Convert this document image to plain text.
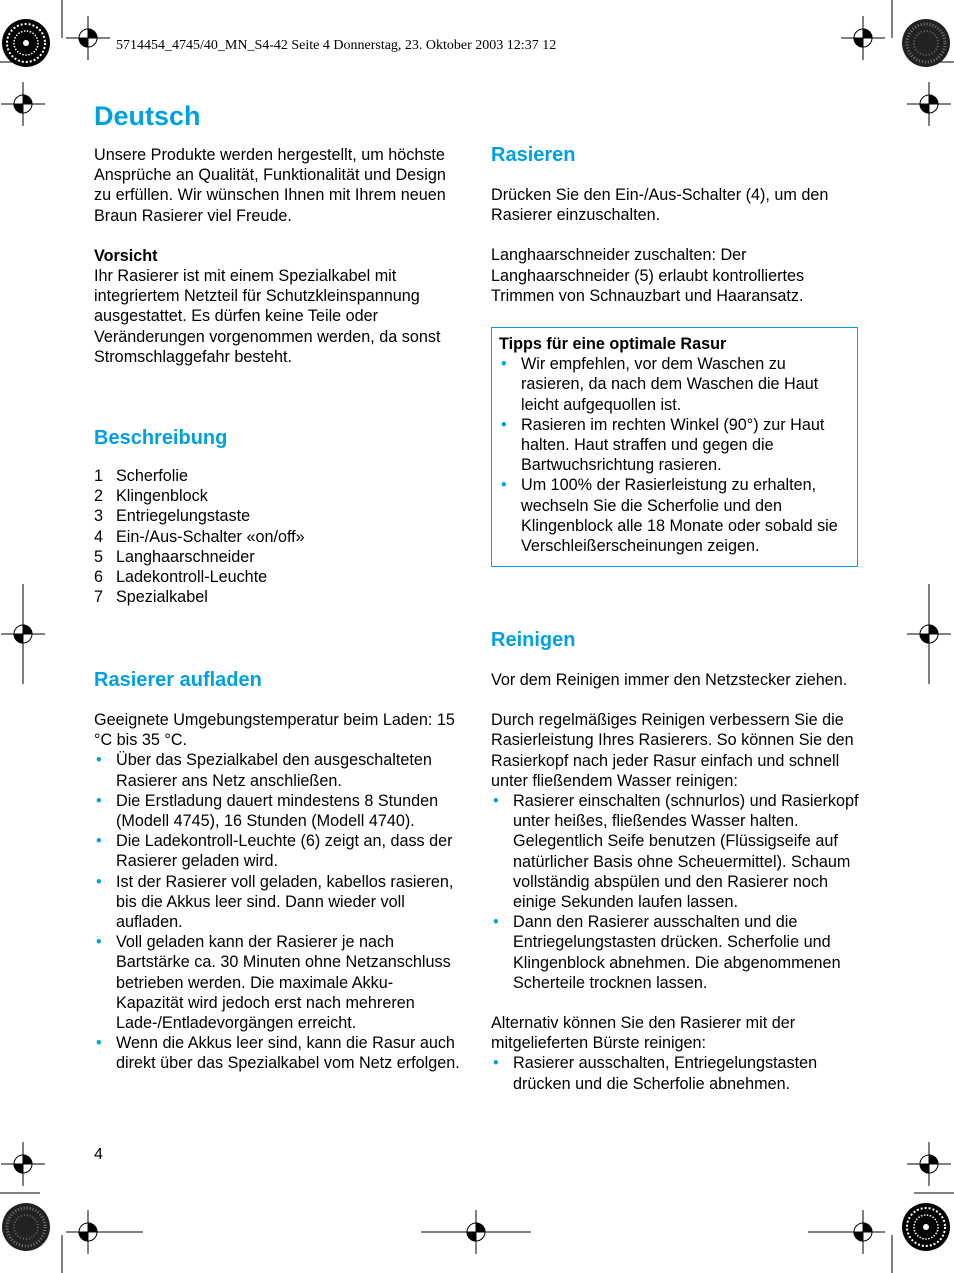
5714454_4745/40_MN_S4-42 Seite 4 Donnerstag, 23. Oktober 2003 12:37 12
Deutsch

Unsere Produkte werden hergestellt, um höchste Ansprüche an Qualität, Funktionalität und Design zu erfüllen. Wir wünschen Ihnen mit Ihrem neuen Braun Rasierer viel Freude.

Vorsicht

Ihr Rasierer ist mit einem Spezialkabel mit integriertem Netzteil für Schutzkleinspannung ausgestattet. Es dürfen keine Teile oder Veränderungen vorgenommen werden, da sonst Stromschlaggefahr besteht.

Beschreibung
1 Scherfolie
2 Klingenblock
3 Entriegelungstaste
4 Ein-/Aus-Schalter «on/off»
5 Langhaarschneider
6 Ladekontroll-Leuchte
7 Spezialkabel
Rasierer aufladen

Geeignete Umgebungstemperatur beim Laden: 15 °C bis 35 °C.

• Über das Spezialkabel den ausgeschalteten Rasierer ans Netz anschließen.
• Die Erstladung dauert mindestens 8 Stunden (Modell 4745), 16 Stunden (Modell 4740).
• Die Ladekontroll-Leuchte (6) zeigt an, dass der Rasierer geladen wird.
• Ist der Rasierer voll geladen, kabellos rasieren, bis die Akkus leer sind. Dann wieder voll aufladen.
• Voll geladen kann der Rasierer je nach Bartstärke ca. 30 Minuten ohne Netzanschluss betrieben werden. Die maximale Akku-Kapazität wird jedoch erst nach mehreren Lade-/Entladevorgängen erreicht.
• Wenn die Akkus leer sind, kann die Rasur auch direkt über das Spezialkabel vom Netz erfolgen.
Rasieren

Drücken Sie den Ein-/Aus-Schalter (4), um den Rasierer einzuschalten.

Langhaarschneider zuschalten: Der Langhaarschneider (5) erlaubt kontrolliertes Trimmen von Schnauzbart und Haaransatz.

Tipps für eine optimale Rasur

• Wir empfehlen, vor dem Waschen zu rasieren, da nach dem Waschen die Haut leicht aufgequollen ist.
• Rasieren im rechten Winkel (90°) zur Haut halten. Haut straffen und gegen die Bartwuchsrichtung rasieren.
• Um 100% der Rasierleistung zu erhalten, wechseln Sie die Scherfolie und den Klingenblock alle 18 Monate oder sobald sie Verschleißerscheinungen zeigen.
Reinigen

Vor dem Reinigen immer den Netzstecker ziehen.

Durch regelmäßiges Reinigen verbessern Sie die Rasierleistung Ihres Rasierers. So können Sie den Rasierkopf nach jeder Rasur einfach und schnell unter fließendem Wasser reinigen:

• Rasierer einschalten (schnurlos) und Rasierkopf unter heißes, fließendes Wasser halten. Gelegentlich Seife benutzen (Flüssigseife auf natürlicher Basis ohne Scheuermittel). Schaum vollständig abspülen und den Rasierer noch einige Sekunden laufen lassen.
• Dann den Rasierer ausschalten und die Entriegelungstasten drücken. Scherfolie und Klingenblock abnehmen. Die abgenommenen Scherteile trocknen lassen.

Alternativ können Sie den Rasierer mit der mitgelieferten Bürste reinigen:

• Rasierer ausschalten, Entriegelungstasten drücken und die Scherfolie abnehmen.
4
